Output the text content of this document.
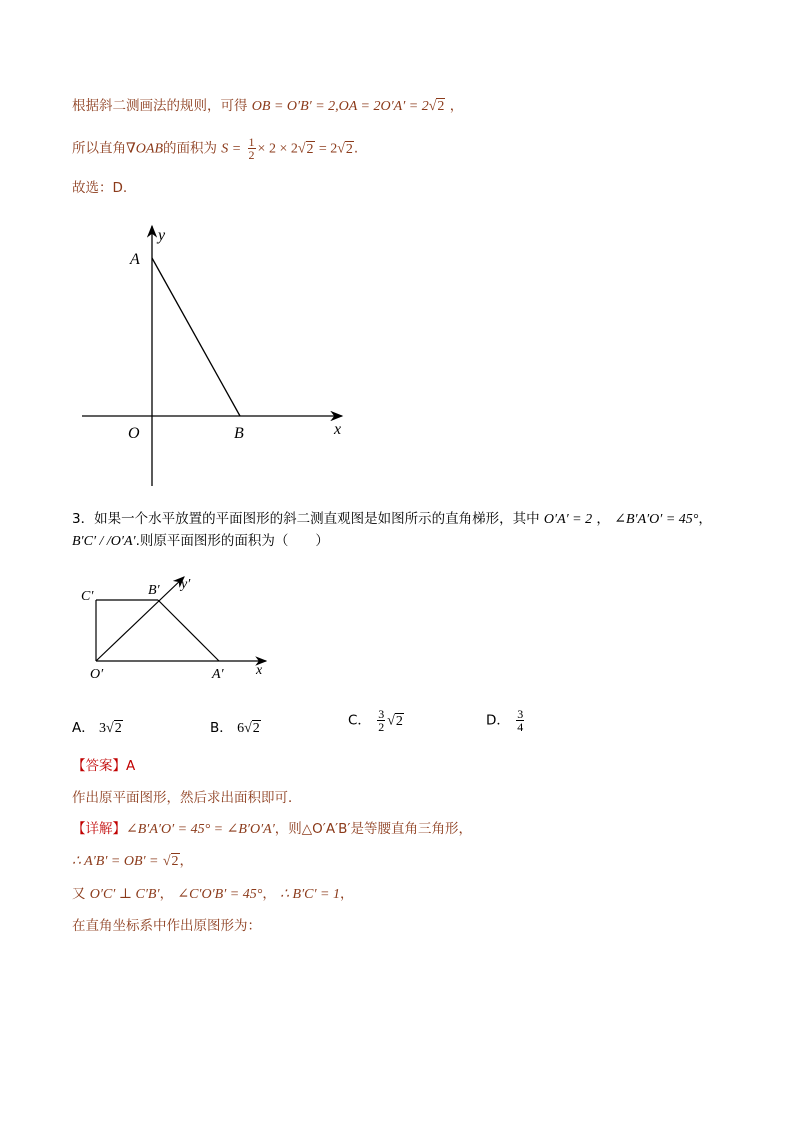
根据斜二测画法的规则，可得 OB = O′B′ = 2,OA = 2O′A′ = 2√2 ，
所以直角∇OAB的面积为 $S = \frac{1}{2} \times 2 \times 2√2 = 2√2$.
故选：D.
y
A
O	B	x
3．如果一个水平放置的平面图形的斜二测直观图是如图所示的直角梯形，其中 O′A′ = 2 ， ∠B′A′O′ = 45°，
B′C′ / /O′A′.则原平面图形的面积为（　　）
C′	B′ y′
O′	A′ x
A． 3√2	B． 6√2	C． $\frac{3}{2} √2$	D． $\frac{3}{4}$
【答案】A
作出原平面图形，然后求出面积即可．
【详解】∠B′A′O′ = 45° = ∠B′O′A′，则△O′A′B′是等腰直角三角形，
∴ A′B′ = OB′ = √2，
又 O′C′ ⊥ C′B′， ∠C′O′B′ = 45°， ∴ B′C′ = 1，
在直角坐标系中作出原图形为：
